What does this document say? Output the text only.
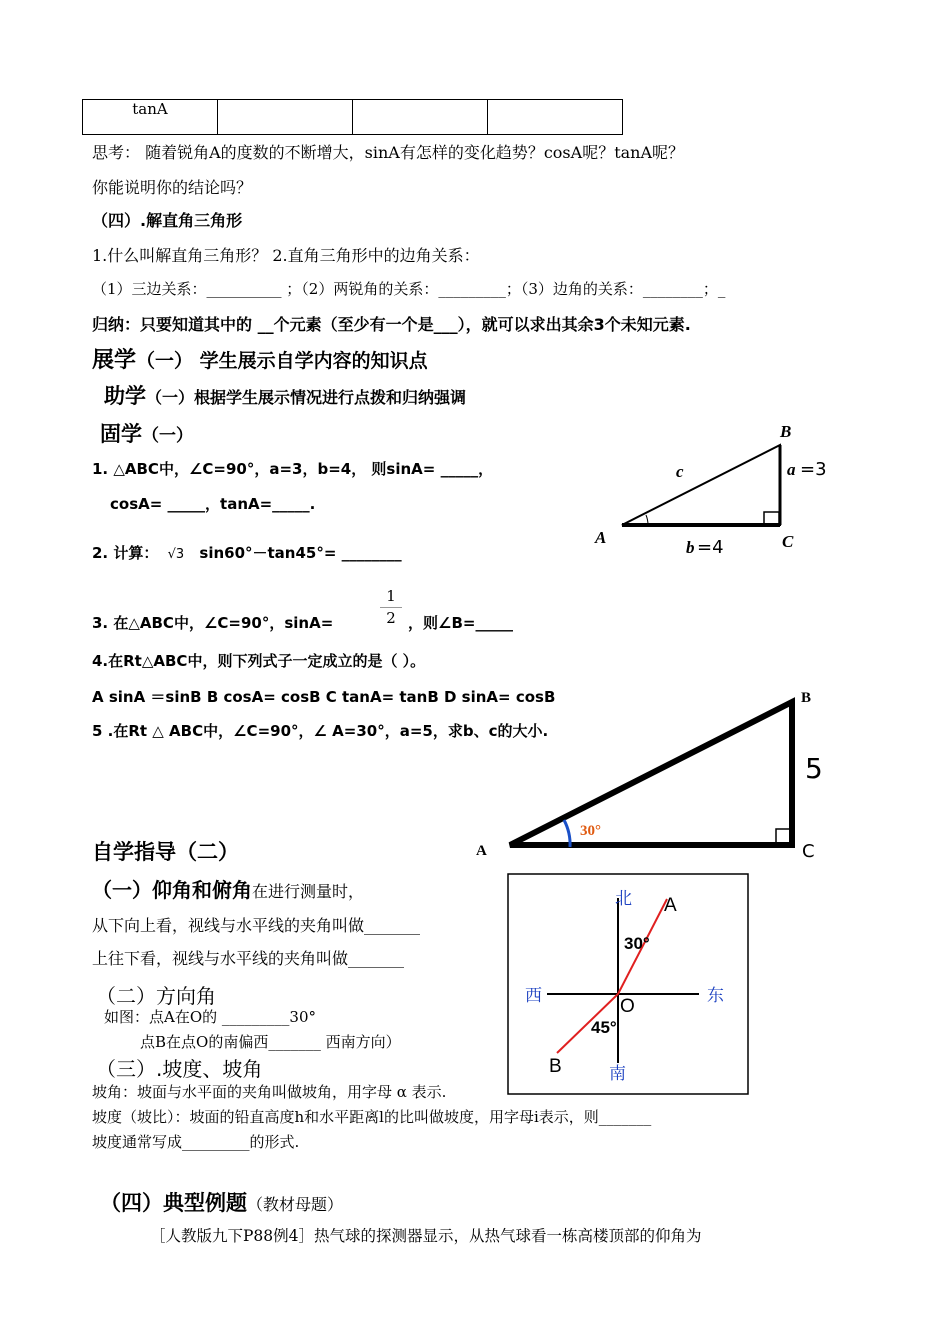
tanA			
思考： 随着锐角A的度数的不断增大，sinA有怎样的变化趋势？cosA呢？tanA呢？
你能说明你的结论吗？
（四）.解直角三角形
1.什么叫解直角三角形？ 2.直角三角形中的边角关系：
（1）三边关系：__________ ；（2）两锐角的关系：_________；（3）边角的关系：________；_
归纳：只要知道其中的 __个元素（至少有一个是___），就可以求出其余3个未知元素.
展学（一） 学生展示自学内容的知识点
助学（一）根据学生展示情况进行点拨和归纳强调
固学（一）
1. △ABC中，∠C=90°，a=3，b=4， 则sinA= _____，
cosA= _____，tanA=_____.
2. 计算： √3 sin60°－tan45°= ________
3. 在△ABC中，∠C=90°，sinA=
1
2 ，则∠B=_____
4.在Rt△ABC中，则下列式子一定成立的是（ ）。
A sinA ＝sinB B cosA= cosB C tanA= tanB D sinA= cosB
5 .在Rt △ ABC中，∠C=90°，∠ A=30°，a=5，求b、c的大小.
B
A	C
c	a =3
b =4
30°
A
B
C
5
自学指导（二）
（一）仰角和俯角在进行测量时，
从下向上看，视线与水平线的夹角叫做_______
上往下看，视线与水平线的夹角叫做_______
（二）方向角
如图：点A在O的 _________30°
点B在点O的南偏西_______ 西南方向）
（三）.坡度、坡角
坡角：坡面与水平面的夹角叫做坡角，用字母 α 表示.
坡度（坡比）：坡面的铅直高度h和水平距离l的比叫做坡度，用字母i表示，则_______
坡度通常写成_________的形式.
北
南
西	东
A
B
O
30°
45°
（四）典型例题（教材母题）
［人教版九下P88例4］热气球的探测器显示，从热气球看一栋高楼顶部的仰角为
